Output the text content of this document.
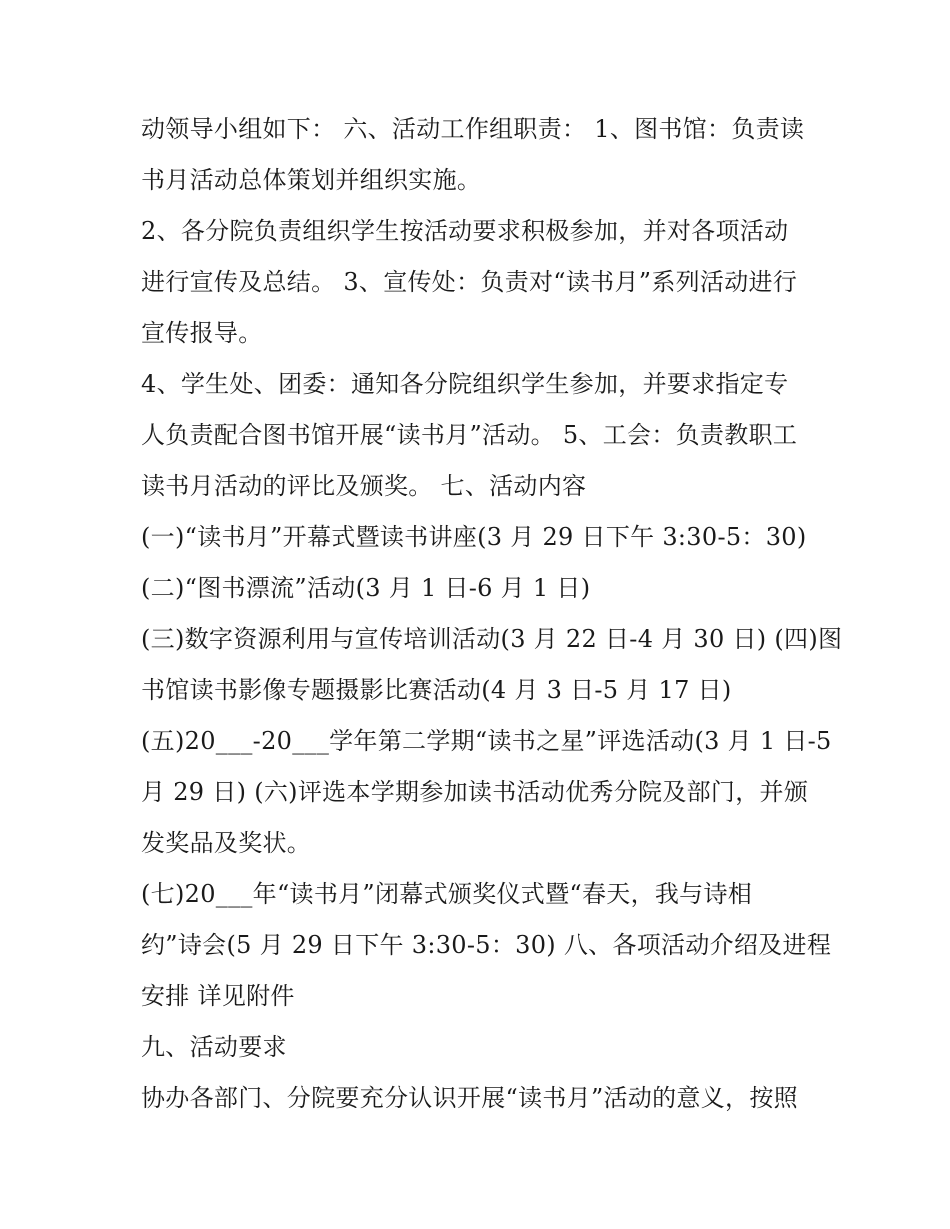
动领导小组如下： 六、活动工作组职责： 1、图书馆：负责读
书月活动总体策划并组织实施。
2、各分院负责组织学生按活动要求积极参加，并对各项活动
进行宣传及总结。 3、宣传处：负责对“读书月”系列活动进行
宣传报导。
4、学生处、团委：通知各分院组织学生参加，并要求指定专
人负责配合图书馆开展“读书月”活动。 5、工会：负责教职工
读书月活动的评比及颁奖。 七、活动内容
(一)“读书月”开幕式暨读书讲座(3 月 29 日下午 3:30-5：30)
(二)“图书漂流”活动(3 月 1 日-6 月 1 日)
(三)数字资源利用与宣传培训活动(3 月 22 日-4 月 30 日) (四)图
书馆读书影像专题摄影比赛活动(4 月 3 日-5 月 17 日)
(五)20___-20___学年第二学期“读书之星”评选活动(3 月 1 日-5
月 29 日) (六)评选本学期参加读书活动优秀分院及部门，并颁
发奖品及奖状。
(七)20___年“读书月”闭幕式颁奖仪式暨“春天，我与诗相
约”诗会(5 月 29 日下午 3:30-5：30) 八、各项活动介绍及进程
安排 详见附件
九、活动要求
协办各部门、分院要充分认识开展“读书月”活动的意义，按照
